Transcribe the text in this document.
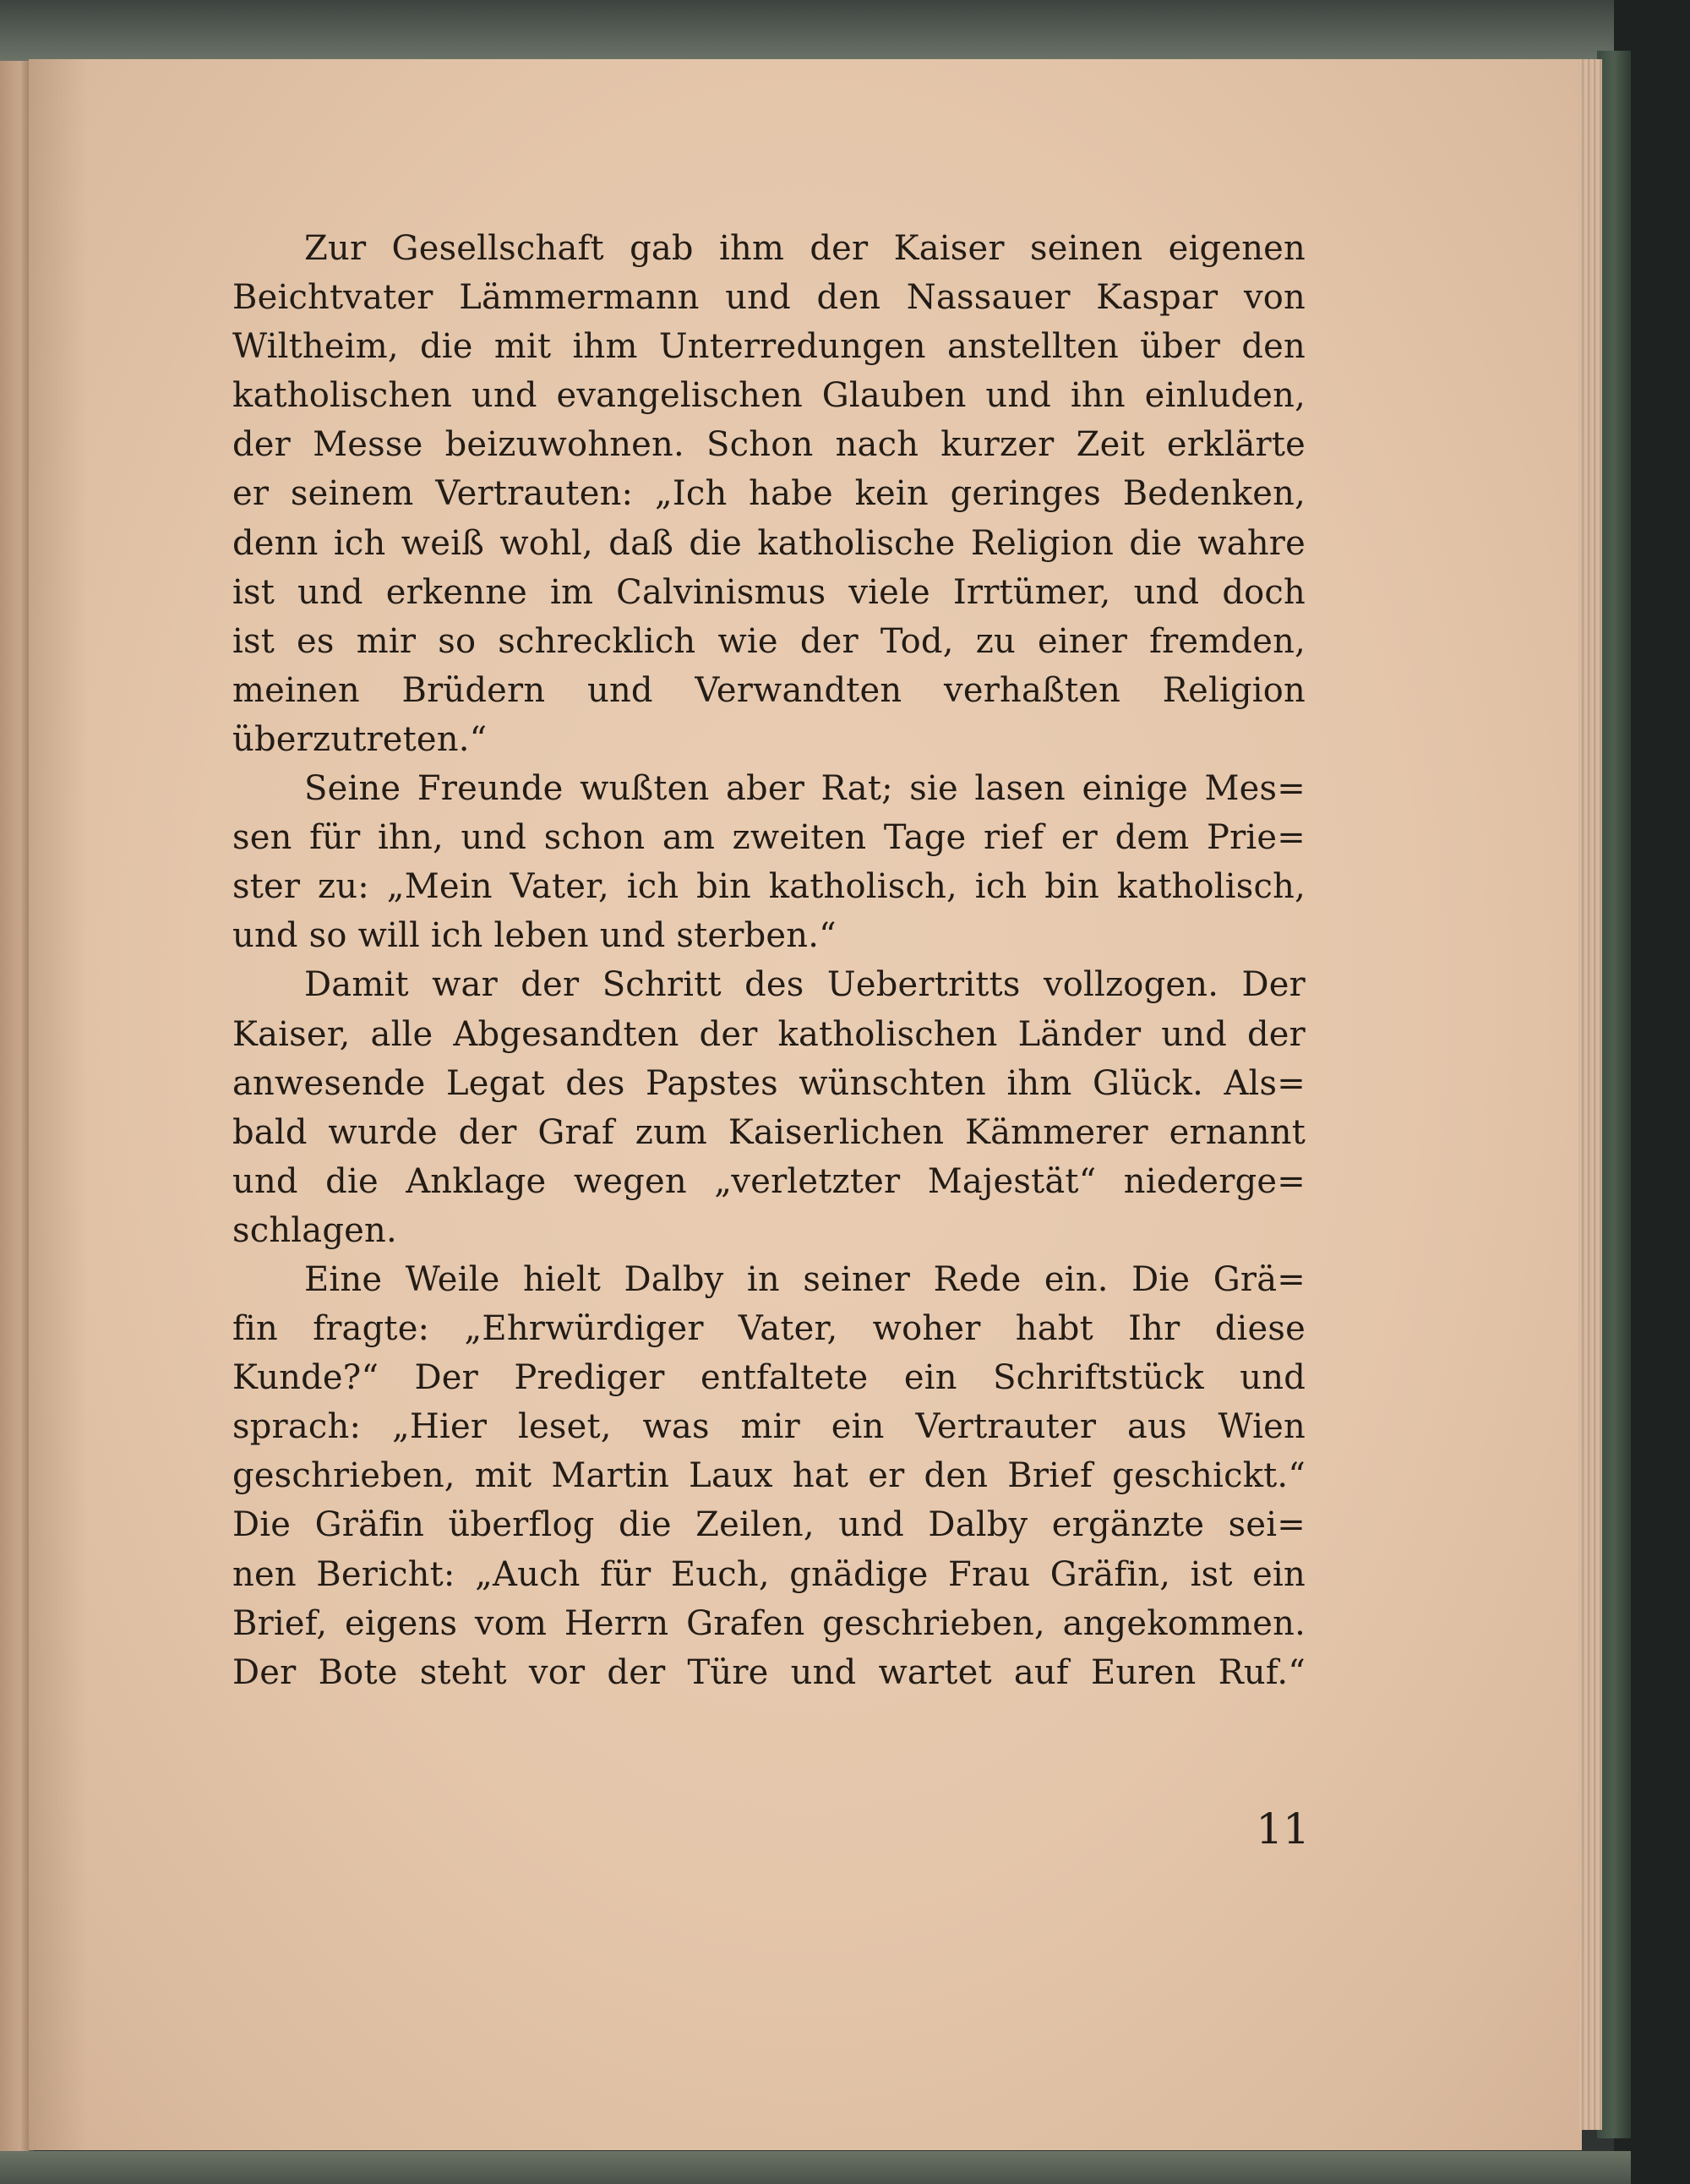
Zur Gesellschaft gab ihm der Kaiser seinen eigenen
Beichtvater Lämmermann und den Nassauer Kaspar von
Wiltheim, die mit ihm Unterredungen anstellten über den
katholischen und evangelischen Glauben und ihn einluden,
der Messe beizuwohnen. Schon nach kurzer Zeit erklärte
er seinem Vertrauten: „Ich habe kein geringes Bedenken,
denn ich weiß wohl, daß die katholische Religion die wahre
ist und erkenne im Calvinismus viele Irrtümer, und doch
ist es mir so schrecklich wie der Tod, zu einer fremden,
meinen Brüdern und Verwandten verhaßten Religion
überzutreten.“
Seine Freunde wußten aber Rat; sie lasen einige Mes=
sen für ihn, und schon am zweiten Tage rief er dem Prie=
ster zu: „Mein Vater, ich bin katholisch, ich bin katholisch,
und so will ich leben und sterben.“
Damit war der Schritt des Uebertritts vollzogen. Der
Kaiser, alle Abgesandten der katholischen Länder und der
anwesende Legat des Papstes wünschten ihm Glück. Als=
bald wurde der Graf zum Kaiserlichen Kämmerer ernannt
und die Anklage wegen „verletzter Majestät“ niederge=
schlagen.
Eine Weile hielt Dalby in seiner Rede ein. Die Grä=
fin fragte: „Ehrwürdiger Vater, woher habt Ihr diese
Kunde?“ Der Prediger entfaltete ein Schriftstück und
sprach: „Hier leset, was mir ein Vertrauter aus Wien
geschrieben, mit Martin Laux hat er den Brief geschickt.“
Die Gräfin überflog die Zeilen, und Dalby ergänzte sei=
nen Bericht: „Auch für Euch, gnädige Frau Gräfin, ist ein
Brief, eigens vom Herrn Grafen geschrieben, angekommen.
Der Bote steht vor der Türe und wartet auf Euren Ruf.“
11
